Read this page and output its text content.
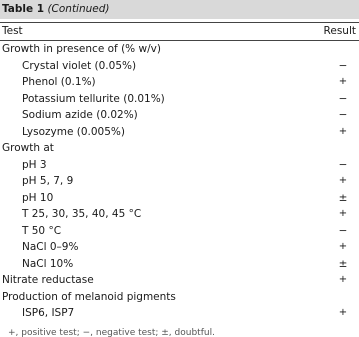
Table 1 (Continued)
Test	Result
Growth in presence of (% w/v)
Crystal violet (0.05%)	−
Phenol (0.1%)	+
Potassium tellurite (0.01%)	−
Sodium azide (0.02%)	−
Lysozyme (0.005%)	+
Growth at
pH 3	−
pH 5, 7, 9	+
pH 10	±
T 25, 30, 35, 40, 45 °C	+
T 50 °C	−
NaCl 0–9%	+
NaCl 10%	±
Nitrate reductase	+
Production of melanoid pigments
ISP6, ISP7	+
+, positive test; −, negative test; ±, doubtful.
